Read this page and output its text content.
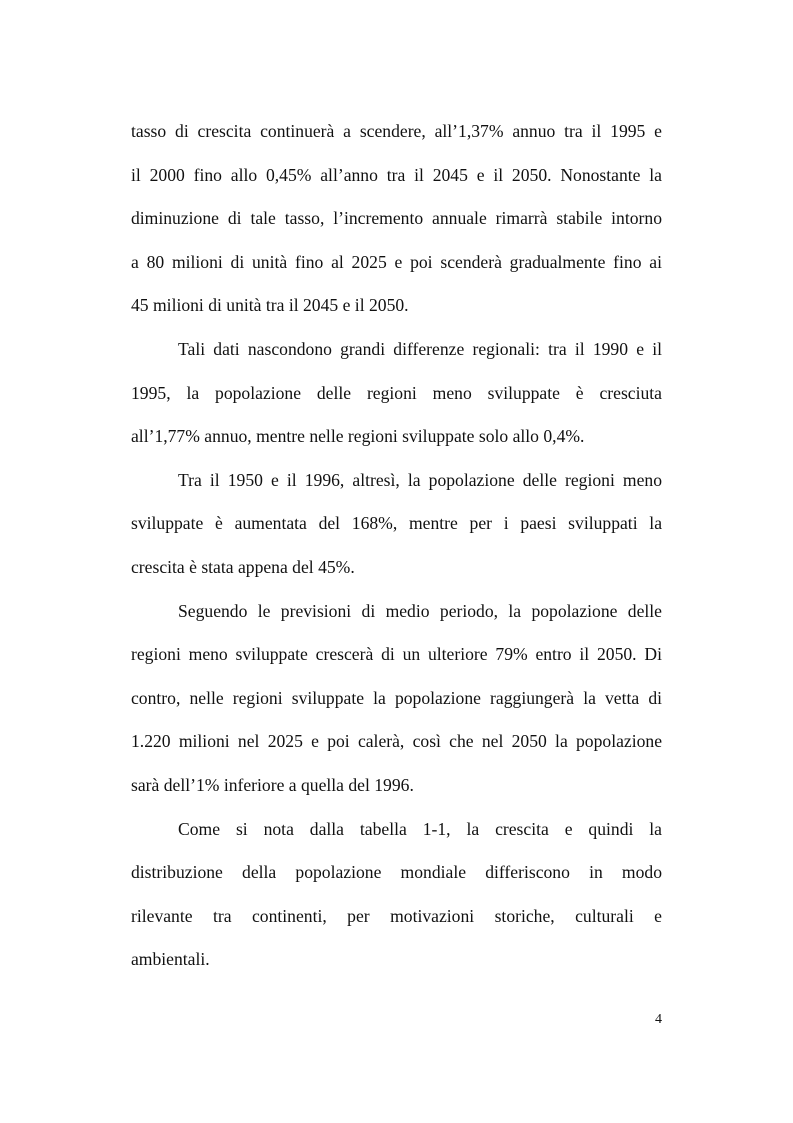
tasso di crescita continuerà a scendere, all’1,37% annuo tra il 1995 e
il 2000 fino allo 0,45% all’anno tra il 2045 e il 2050. Nonostante la
diminuzione di tale tasso, l’incremento annuale rimarrà stabile intorno
a 80 milioni di unità fino al 2025 e poi scenderà gradualmente fino ai
45 milioni di unità tra il 2045 e il 2050.
Tali dati nascondono grandi differenze regionali: tra il 1990 e il
1995, la popolazione delle regioni meno sviluppate è cresciuta
all’1,77% annuo, mentre nelle regioni sviluppate solo allo 0,4%.
Tra il 1950 e il 1996, altresì, la popolazione delle regioni meno
sviluppate è aumentata del 168%, mentre per i paesi sviluppati la
crescita è stata appena del 45%.
Seguendo le previsioni di medio periodo, la popolazione delle
regioni meno sviluppate crescerà di un ulteriore 79% entro il 2050. Di
contro, nelle regioni sviluppate la popolazione raggiungerà la vetta di
1.220 milioni nel 2025 e poi calerà, così che nel 2050 la popolazione
sarà dell’1% inferiore a quella del 1996.
Come si nota dalla tabella 1-1, la crescita e quindi la
distribuzione della popolazione mondiale differiscono in modo
rilevante tra continenti, per motivazioni storiche, culturali e
ambientali.
4
